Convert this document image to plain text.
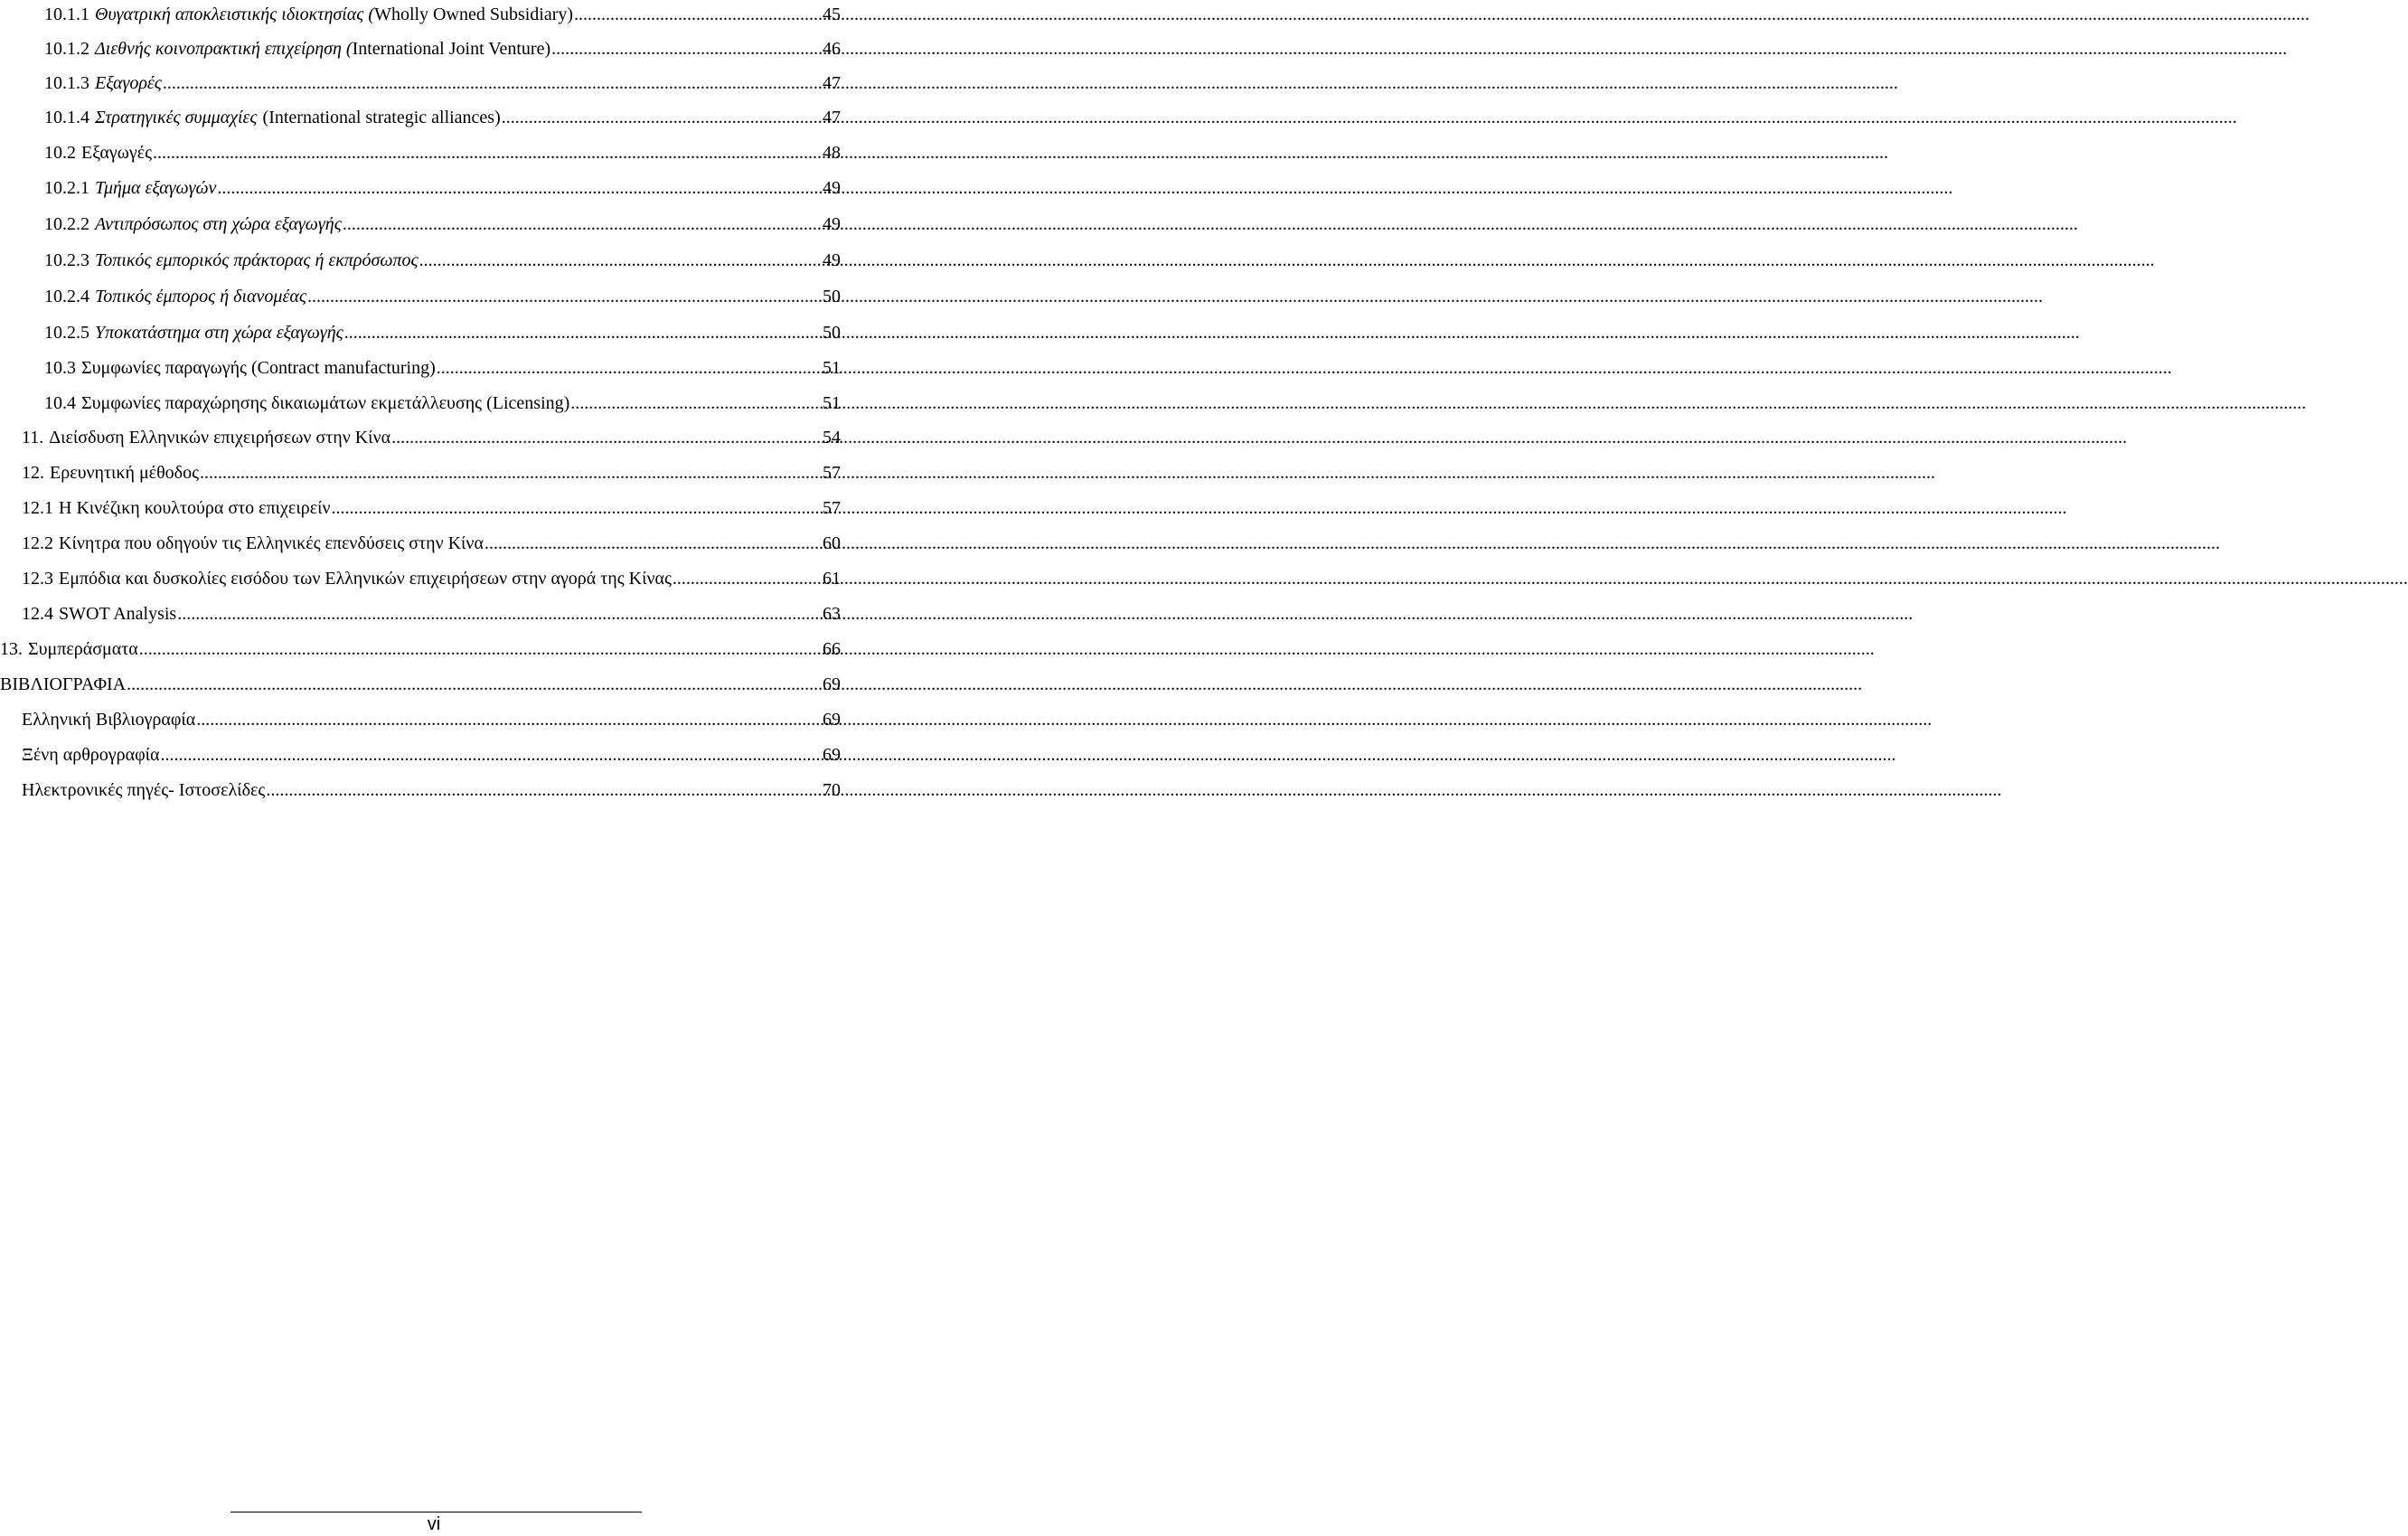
10.1.1 Θυγατρική αποκλειστικής ιδιοκτησίας (Wholly Owned Subsidiary) .....	45
10.1.2 Διεθνής κοινοπρακτική επιχείρηση (International Joint Venture) .....	46
10.1.3 Εξαγορές .....	47
10.1.4 Στρατηγικές συμμαχίες (International strategic alliances) .....	47
10.2 Εξαγωγές .....	48
10.2.1 Τμήμα εξαγωγών .....	49
10.2.2 Αντιπρόσωπος στη χώρα εξαγωγής .....	49
10.2.3 Τοπικός εμπορικός πράκτορας ή εκπρόσωπος .....	49
10.2.4 Τοπικός έμπορος ή διανομέας .....	50
10.2.5 Υποκατάστημα στη χώρα εξαγωγής .....	50
10.3 Συμφωνίες παραγωγής (Contract manufacturing) .....	51
10.4 Συμφωνίες παραχώρησης δικαιωμάτων εκμετάλλευσης (Licensing) .....	51
11. Διείσδυση Ελληνικών επιχειρήσεων στην Κίνα .....	54
12. Ερευνητική μέθοδος .....	57
12.1 Η Κινέζικη κουλτούρα στο επιχειρείν .....	57
12.2 Κίνητρα που οδηγούν τις Ελληνικές επενδύσεις στην Κίνα .....	60
12.3 Εμπόδια και δυσκολίες εισόδου των Ελληνικών επιχειρήσεων στην αγορά της Κίνας .....	61
12.4 SWOT Analysis .....	63
13. Συμπεράσματα .....	66
ΒΙΒΛΙΟΓΡΑΦΙΑ .....	69
Ελληνική Βιβλιογραφία .....	69
Ξένη αρθρογραφία .....	69
Ηλεκτρονικές πηγές- Ιστοσελίδες .....	70
vi
